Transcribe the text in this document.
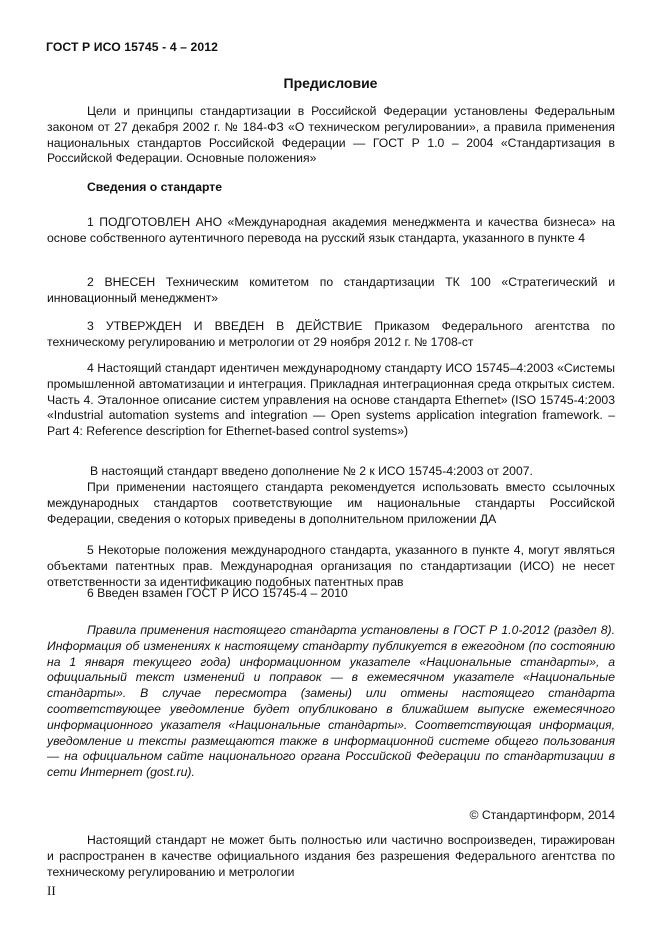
ГОСТ Р ИСО 15745 - 4 – 2012
Предисловие

Цели и принципы стандартизации в Российской Федерации установлены Федеральным законом от 27 декабря 2002 г. № 184-ФЗ «О техническом регулировании», а правила применения национальных стандартов Российской Федерации — ГОСТ Р 1.0 – 2004 «Стандартизация в Российской Федерации. Основные положения»

Сведения о стандарте

1 ПОДГОТОВЛЕН АНО «Международная академия менеджмента и качества бизнеса» на основе собственного аутентичного перевода на русский язык стандарта, указанного в пункте 4

2 ВНЕСЕН Техническим комитетом по стандартизации ТК 100 «Стратегический и инновационный менеджмент»

3 УТВЕРЖДЕН И ВВЕДЕН В ДЕЙСТВИЕ Приказом Федерального агентства по техническому регулированию и метрологии от 29 ноября 2012 г. № 1708-ст

4 Настоящий стандарт идентичен международному стандарту ИСО 15745–4:2003 «Системы промышленной автоматизации и интеграция. Прикладная интеграционная среда открытых систем. Часть 4. Эталонное описание систем управления на основе стандарта Ethernet» (ISO 15745-4:2003 «Industrial automation systems and integration — Open systems application integration framework. – Part 4: Reference description for Ethernet-based control systems»)

В настоящий стандарт введено дополнение № 2 к ИСО 15745-4:2003 от 2007.

При применении настоящего стандарта рекомендуется использовать вместо ссылочных международных стандартов соответствующие им национальные стандарты Российской Федерации, сведения о которых приведены в дополнительном приложении ДА

5 Некоторые положения международного стандарта, указанного в пункте 4, могут являться объектами патентных прав. Международная организация по стандартизации (ИСО) не несет ответственности за идентификацию подобных патентных прав

6 Введен взамен ГОСТ Р ИСО 15745-4 – 2010

Правила применения настоящего стандарта установлены в ГОСТ Р 1.0-2012 (раздел 8). Информация об изменениях к настоящему стандарту публикуется в ежегодном (по состоянию на 1 января текущего года) информационном указателе «Национальные стандарты», а официальный текст изменений и поправок — в ежемесячном указателе «Национальные стандарты». В случае пересмотра (замены) или отмены настоящего стандарта соответствующее уведомление будет опубликовано в ближайшем выпуске ежемесячного информационного указателя «Национальные стандарты». Соответствующая информация, уведомление и тексты размещаются также в информационной системе общего пользования — на официальном сайте национального органа Российской Федерации по стандартизации в сети Интернет (gost.ru).

© Стандартинформ, 2014

Настоящий стандарт не может быть полностью или частично воспроизведен, тиражирован и распространен в качестве официального издания без разрешения Федерального агентства по техническому регулированию и метрологии

II
